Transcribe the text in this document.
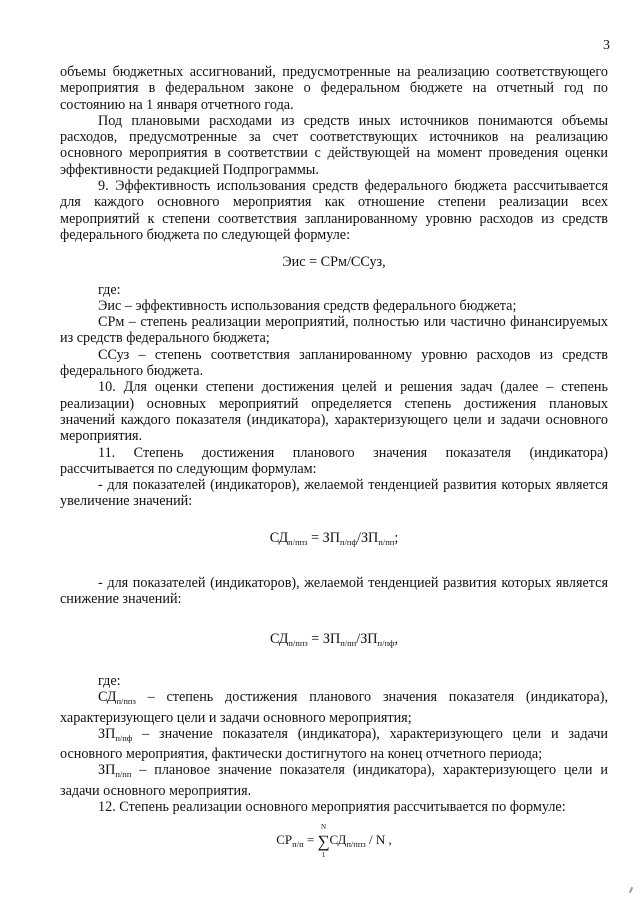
3

объемы бюджетных ассигнований, предусмотренные на реализацию соответствующего мероприятия в федеральном законе о федеральном бюджете на отчетный год по состоянию на 1 января отчетного года.

Под плановыми расходами из средств иных источников понимаются объемы расходов, предусмотренные за счет соответствующих источников на реализацию основного мероприятия в соответствии с действующей на момент проведения оценки эффективности редакцией Подпрограммы.

9. Эффективность использования средств федерального бюджета рассчитывается для каждого основного мероприятия как отношение степени реализации всех мероприятий к степени соответствия запланированному уровню расходов из средств федерального бюджета по следующей формуле:

Эис = СРм/ССуз,

где:

Эис – эффективность использования средств федерального бюджета;

СРм – степень реализации мероприятий, полностью или частично финансируемых из средств федерального бюджета;

ССуз – степень соответствия запланированному уровню расходов из средств федерального бюджета.

10. Для оценки степени достижения целей и решения задач (далее – степень реализации) основных мероприятий определяется степень достижения плановых значений каждого показателя (индикатора), характеризующего цели и задачи основного мероприятия.

11. Степень достижения планового значения показателя (индикатора) рассчитывается по следующим формулам:

- для показателей (индикаторов), желаемой тенденцией развития которых является увеличение значений:

$СД_{п/ппз} = ЗП_{п/пф}/ЗП_{п/пп}$;

- для показателей (индикаторов), желаемой тенденцией развития которых является снижение значений:

$СД_{п/ппз} = ЗП_{п/пп}/ЗП_{п/пф}$,

где:

$СД_{п/ппз}$ – степень достижения планового значения показателя (индикатора), характеризующего цели и задачи основного мероприятия;

$ЗП_{п/пф}$ – значение показателя (индикатора), характеризующего цели и задачи основного мероприятия, фактически достигнутого на конец отчетного периода;

$ЗП_{п/пп}$ – плановое значение показателя (индикатора), характеризующего цели и задачи основного мероприятия.

12. Степень реализации основного мероприятия рассчитывается по формуле:

$СР_{п/п}$ =
N
∑
1
$СД_{п/ппз}$ / N ,
